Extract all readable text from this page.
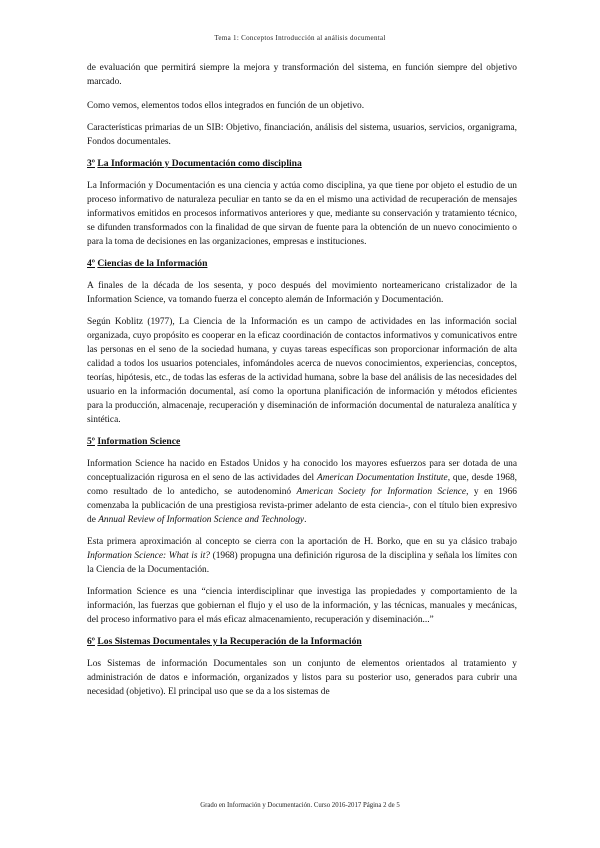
Tema 1: Conceptos Introducción al análisis documental

de evaluación que permitirá siempre la mejora y transformación del sistema, en función siempre del objetivo marcado.

Como vemos, elementos todos ellos integrados en función de un objetivo.

Características primarias de un SIB: Objetivo, financiación, análisis del sistema, usuarios, servicios, organigrama, Fondos documentales.

3º La Información y Documentación como disciplina

La Información y Documentación es una ciencia y actúa como disciplina, ya que tiene por objeto el estudio de un proceso informativo de naturaleza peculiar en tanto se da en el mismo una actividad de recuperación de mensajes informativos emitidos en procesos informativos anteriores y que, mediante su conservación y tratamiento técnico, se difunden transformados con la finalidad de que sirvan de fuente para la obtención de un nuevo conocimiento o para la toma de decisiones en las organizaciones, empresas e instituciones.

4º Ciencias de la Información

A finales de la década de los sesenta, y poco después del movimiento norteamericano cristalizador de la Information Science, va tomando fuerza el concepto alemán de Información y Documentación.

Según Koblitz (1977), La Ciencia de la Información es un campo de actividades en las información social organizada, cuyo propósito es cooperar en la eficaz coordinación de contactos informativos y comunicativos entre las personas en el seno de la sociedad humana, y cuyas tareas específicas son proporcionar información de alta calidad a todos los usuarios potenciales, infomándoles acerca de nuevos conocimientos, experiencias, conceptos, teorías, hipótesis, etc., de todas las esferas de la actividad humana, sobre la base del análisis de las necesidades del usuario en la información documental, así como la oportuna planificación de información y métodos eficientes para la producción, almacenaje, recuperación y diseminación de información documental de naturaleza analítica y sintética.

5º Information Science

Information Science ha nacido en Estados Unidos y ha conocido los mayores esfuerzos para ser dotada de una conceptualización rigurosa en el seno de las actividades del American Documentation Institute, que, desde 1968, como resultado de lo antedicho, se autodenominó American Society for Information Science, y en 1966 comenzaba la publicación de una prestigiosa revista-primer adelanto de esta ciencia-, con el título bien expresivo de Annual Review of Information Science and Technology.

Esta primera aproximación al concepto se cierra con la aportación de H. Borko, que en su ya clásico trabajo Information Science: What is it? (1968) propugna una definición rigurosa de la disciplina y señala los límites con la Ciencia de la Documentación.

Information Science es una “ciencia interdisciplinar que investiga las propiedades y comportamiento de la información, las fuerzas que gobiernan el flujo y el uso de la información, y las técnicas, manuales y mecánicas, del proceso informativo para el más eficaz almacenamiento, recuperación y diseminación...”

6º Los Sistemas Documentales y la Recuperación de la Información

Los Sistemas de información Documentales son un conjunto de elementos orientados al tratamiento y administración de datos e información, organizados y listos para su posterior uso, generados para cubrir una necesidad (objetivo). El principal uso que se da a los sistemas de

Grado en Información y Documentación. Curso 2016-2017 Página 2 de 5
